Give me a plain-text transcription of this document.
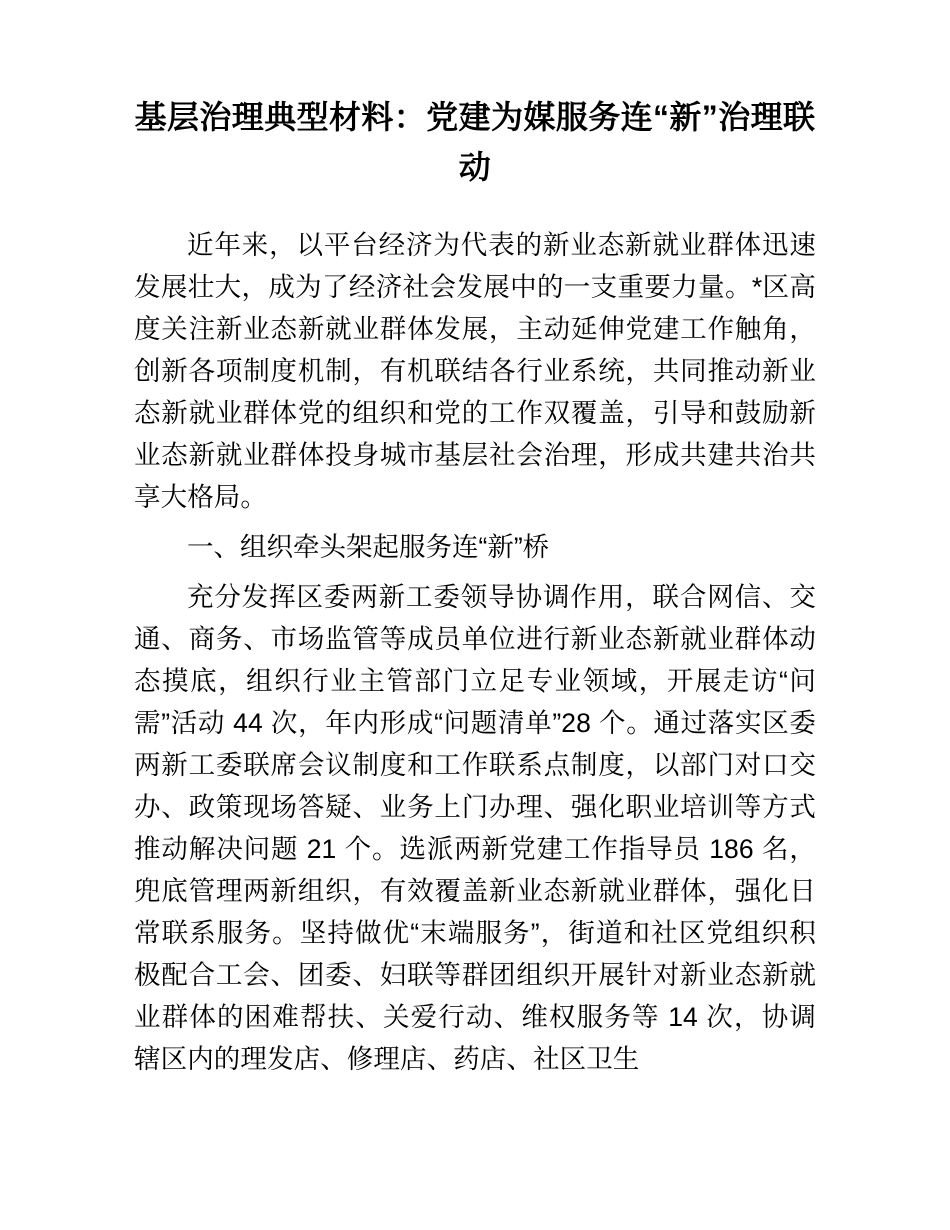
基层治理典型材料：党建为媒服务连“新”治理联动

近年来，以平台经济为代表的新业态新就业群体迅速发展壮大，成为了经济社会发展中的一支重要力量。*区高度关注新业态新就业群体发展，主动延伸党建工作触角，创新各项制度机制，有机联结各行业系统，共同推动新业态新就业群体党的组织和党的工作双覆盖，引导和鼓励新业态新就业群体投身城市基层社会治理，形成共建共治共享大格局。

一、组织牵头架起服务连“新”桥

充分发挥区委两新工委领导协调作用，联合网信、交通、商务、市场监管等成员单位进行新业态新就业群体动态摸底，组织行业主管部门立足专业领域，开展走访“问需”活动 44 次，年内形成“问题清单”28 个。通过落实区委两新工委联席会议制度和工作联系点制度，以部门对口交办、政策现场答疑、业务上门办理、强化职业培训等方式推动解决问题 21 个。选派两新党建工作指导员 186 名，兜底管理两新组织，有效覆盖新业态新就业群体，强化日常联系服务。坚持做优“末端服务”，街道和社区党组织积极配合工会、团委、妇联等群团组织开展针对新业态新就业群体的困难帮扶、关爱行动、维权服务等 14 次，协调辖区内的理发店、修理店、药店、社区卫生
